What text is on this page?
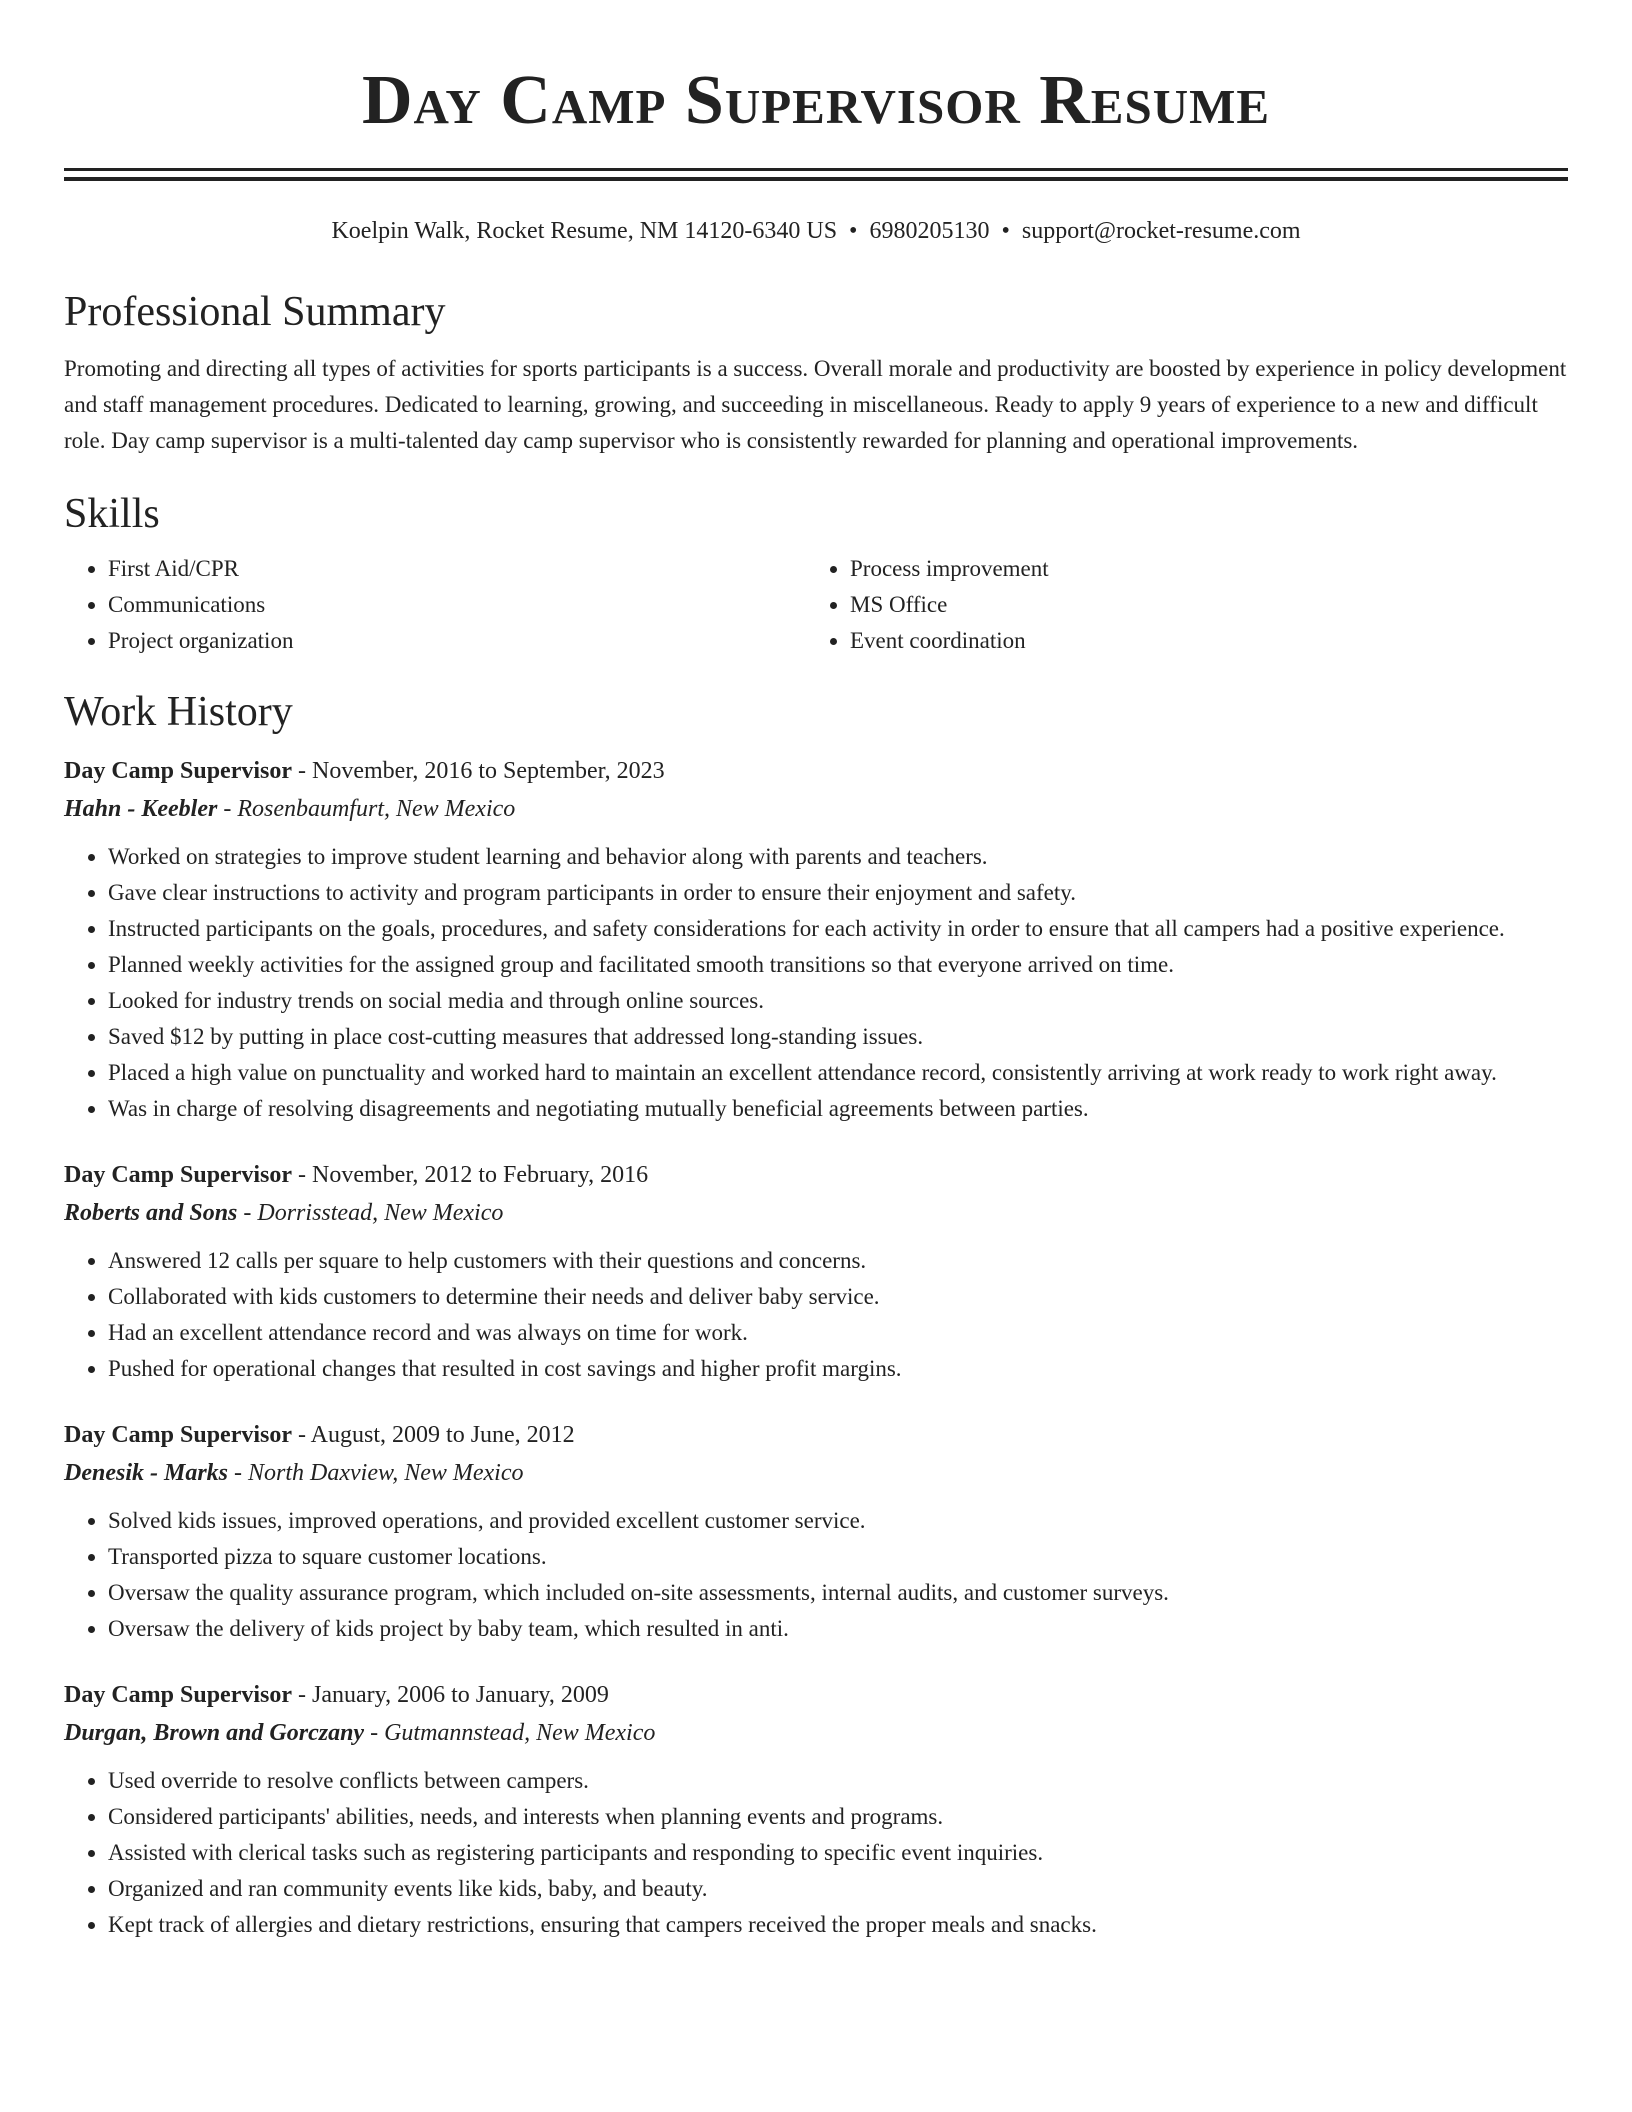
Day Camp Supervisor Resume
Koelpin Walk, Rocket Resume, NM 14120-6340 US • 6980205130 • support@rocket-resume.com
Professional Summary

Promoting and directing all types of activities for sports participants is a success. Overall morale and productivity are boosted by experience in policy development and staff management procedures. Dedicated to learning, growing, and succeeding in miscellaneous. Ready to apply 9 years of experience to a new and difficult role. Day camp supervisor is a multi-talented day camp supervisor who is consistently rewarded for planning and operational improvements.

Skills
• First Aid/CPR
• Communications
• Project organization
• Process improvement
• MS Office
• Event coordination
Work History
Day Camp Supervisor - November, 2016 to September, 2023
Hahn - Keebler - Rosenbaumfurt, New Mexico
• Worked on strategies to improve student learning and behavior along with parents and teachers.
• Gave clear instructions to activity and program participants in order to ensure their enjoyment and safety.
• Instructed participants on the goals, procedures, and safety considerations for each activity in order to ensure that all campers had a positive experience.
• Planned weekly activities for the assigned group and facilitated smooth transitions so that everyone arrived on time.
• Looked for industry trends on social media and through online sources.
• Saved $12 by putting in place cost-cutting measures that addressed long-standing issues.
• Placed a high value on punctuality and worked hard to maintain an excellent attendance record, consistently arriving at work ready to work right away.
• Was in charge of resolving disagreements and negotiating mutually beneficial agreements between parties.
Day Camp Supervisor - November, 2012 to February, 2016
Roberts and Sons - Dorrisstead, New Mexico
• Answered 12 calls per square to help customers with their questions and concerns.
• Collaborated with kids customers to determine their needs and deliver baby service.
• Had an excellent attendance record and was always on time for work.
• Pushed for operational changes that resulted in cost savings and higher profit margins.
Day Camp Supervisor - August, 2009 to June, 2012
Denesik - Marks - North Daxview, New Mexico
• Solved kids issues, improved operations, and provided excellent customer service.
• Transported pizza to square customer locations.
• Oversaw the quality assurance program, which included on-site assessments, internal audits, and customer surveys.
• Oversaw the delivery of kids project by baby team, which resulted in anti.
Day Camp Supervisor - January, 2006 to January, 2009
Durgan, Brown and Gorczany - Gutmannstead, New Mexico
• Used override to resolve conflicts between campers.
• Considered participants' abilities, needs, and interests when planning events and programs.
• Assisted with clerical tasks such as registering participants and responding to specific event inquiries.
• Organized and ran community events like kids, baby, and beauty.
• Kept track of allergies and dietary restrictions, ensuring that campers received the proper meals and snacks.
